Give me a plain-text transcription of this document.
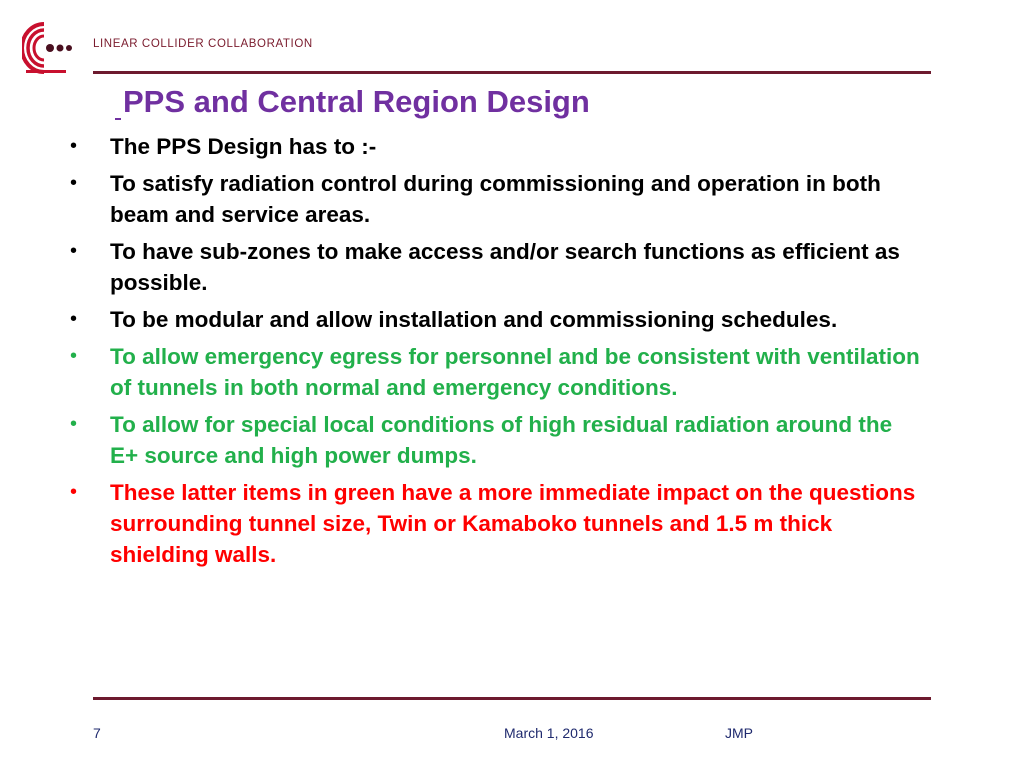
LINEAR COLLIDER COLLABORATION
PPS and Central Region Design
• The PPS Design has to :-
• To satisfy radiation control during commissioning and operation in both beam and service areas.
• To have sub-zones to make access and/or search functions as efficient as possible.
• To be modular and allow installation and commissioning schedules.
• To allow emergency egress for personnel and be consistent with ventilation of tunnels in both normal and emergency conditions.
• To allow for special local conditions of high residual radiation around the E+ source and high power dumps.
• These latter items in green have a more immediate impact on the questions surrounding tunnel size, Twin or Kamaboko tunnels and 1.5 m thick shielding walls.
7	March 1, 2016	JMP
